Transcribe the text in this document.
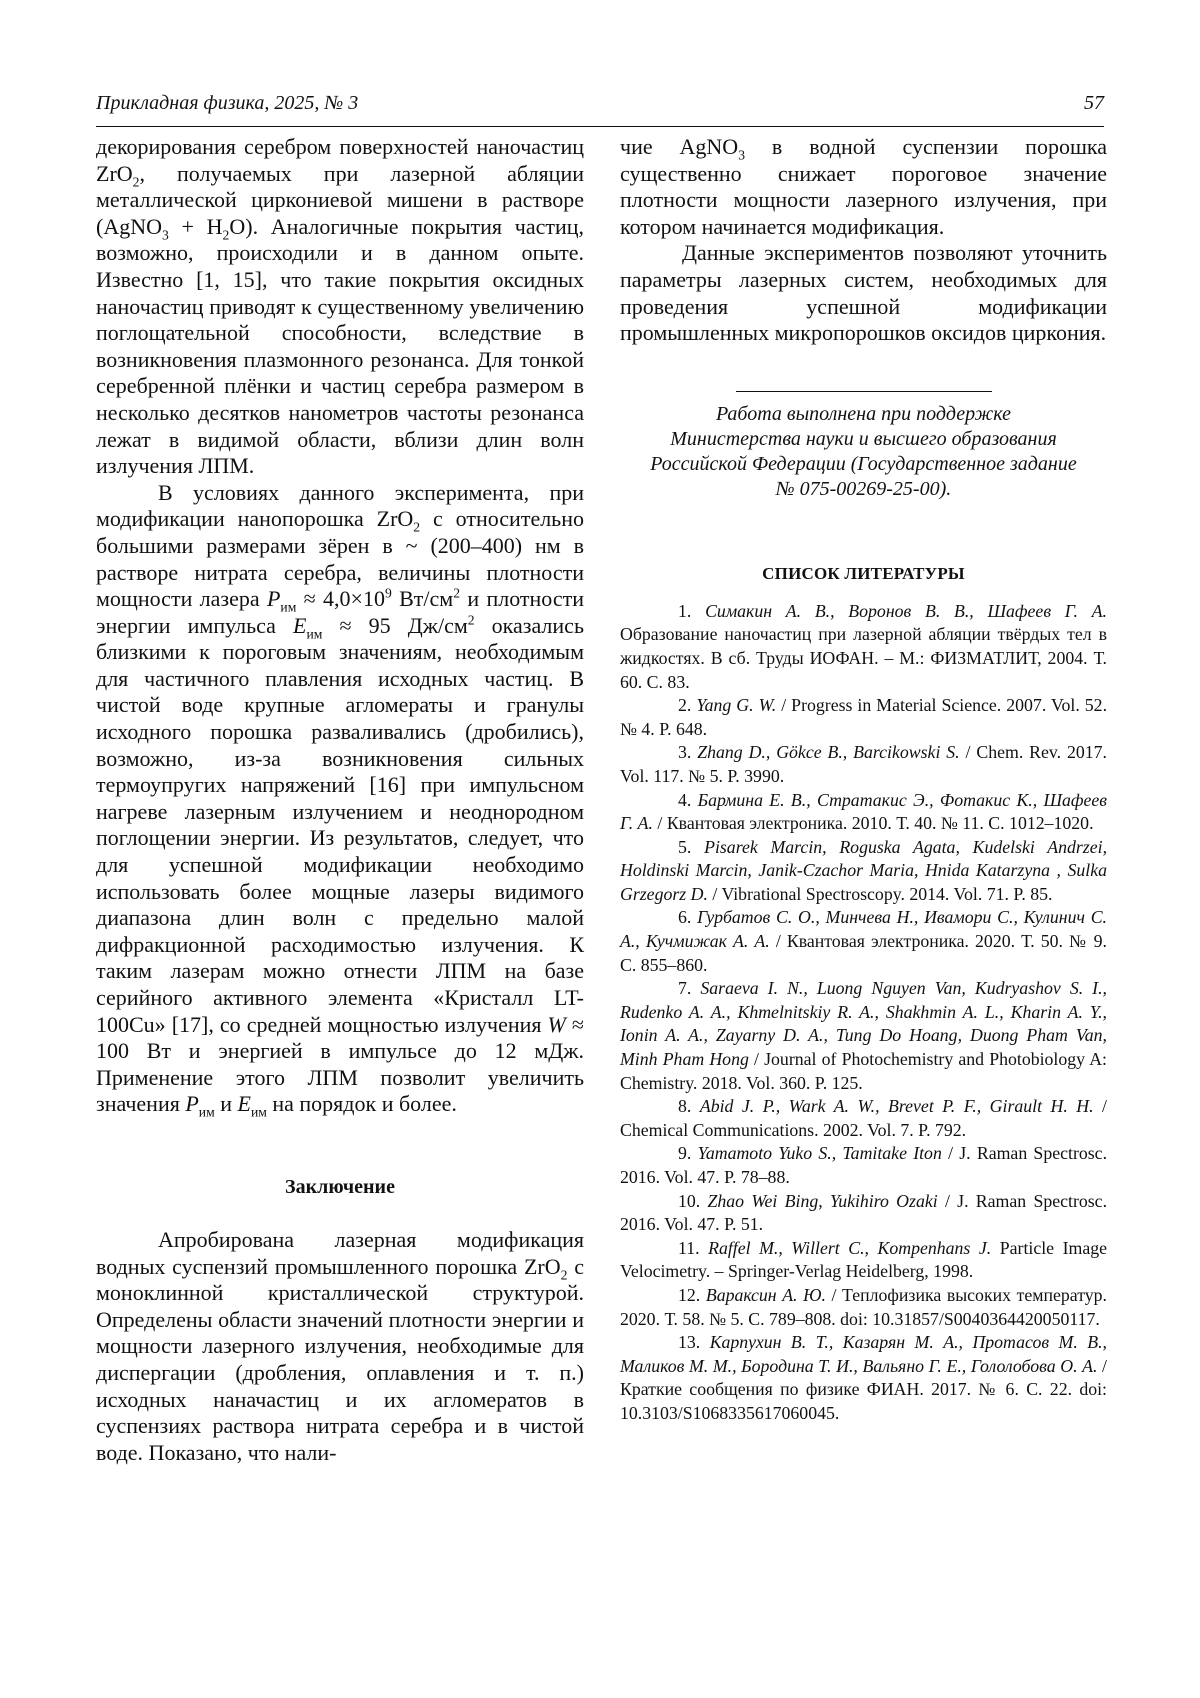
Прикладная физика, 2025, № 3	57

декорирования серебром поверхностей наночастиц ZrO$_2$, получаемых при лазерной абляции металлической циркониевой мишени в растворе (AgNO$_3$ + $H_2O$). Аналогичные покрытия частиц, возможно, происходили и в данном опыте. Известно [1, 15], что такие покрытия оксидных наночастиц приводят к существенному увеличению поглощательной способности, вследствие в возникновения плазмонного резонанса. Для тонкой серебренной плёнки и частиц серебра размером в несколько десятков нанометров частоты резонанса лежат в видимой области, вблизи длин волн излучения ЛПМ.

В условиях данного эксперимента, при модификации нанопорошка ZrO$_2$ с относительно большими размерами зёрен в ~ (200–400) нм в растворе нитрата серебра, величины плотности мощности лазера $P_{им} \approx 4,0\times 10^9$ $Вт/см^2$ и плотности энергии импульса $E_{им} \approx 95$ $Дж/см^2$ оказались близкими к пороговым значениям, необходимым для частичного плавления исходных частиц. В чистой воде крупные агломераты и гранулы исходного порошка разваливались (дробились), возможно, из-за возникновения сильных термоупругих напряжений [16] при импульсном нагреве лазерным излучением и неоднородном поглощении энергии. Из результатов, следует, что для успешной модификации необходимо использовать более мощные лазеры видимого диапазона длин волн с предельно малой дифракционной расходимостью излучения. К таким лазерам можно отнести ЛПМ на базе серийного активного элемента «Кристалл LT-100Cu» [17], со средней мощностью излучения W ≈ 100 Вт и энергией в импульсе до 12 мДж. Применение этого ЛПМ позволит увеличить значения $P_{им}$ и $E_{им}$ на порядок и более.

Заключение

Апробирована лазерная модификация водных суспензий промышленного порошка ZrO$_2$ с моноклинной кристаллической структурой. Определены области значений плотности энергии и мощности лазерного излучения, необходимые для диспергации (дробления, оплавления и т. п.) исходных наначастиц и их агломератов в суспензиях раствора нитрата серебра и в чистой воде. Показано, что нали-

чие AgNO$_3$ в водной суспензии порошка существенно снижает пороговое значение плотности мощности лазерного излучения, при котором начинается модификация.

Данные экспериментов позволяют уточнить параметры лазерных систем, необходимых для проведения успешной модификации промышленных микропорошков оксидов циркония.

Работа выполнена при поддержке

Министерства науки и высшего образования

Российской Федерации (Государственное задание

№ 075-00269-25-00).

СПИСОК ЛИТЕРАТУРЫ

1. Симакин А. В., Воронов В. В., Шафеев Г. А. Образование наночастиц при лазерной абляции твёрдых тел в жидкостях. В сб. Труды ИОФАН. – М.: ФИЗМАТЛИТ, 2004. Т. 60. С. 83.

2. Yang G. W. / Progress in Material Science. 2007. Vol. 52. № 4. P. 648.

3. Zhang D., Gökce B., Barcikowski S. / Chem. Rev. 2017. Vol. 117. № 5. P. 3990.

4. Бармина Е. В., Стратакис Э., Фотакис К., Шафеев Г. А. / Квантовая электроника. 2010. Т. 40. № 11. С. 1012–1020.

5. Pisarek Marcin, Roguska Agata, Kudelski Andrzei, Holdinski Marcin, Janik-Czachor Maria, Hnida Katarzyna , Sulka Grzegorz D. / Vibrational Spectroscopy. 2014. Vol. 71. P. 85.

6. Гурбатов С. О., Минчева Н., Ивамори С., Кулинич С. А., Кучмижак А. А. / Квантовая электроника. 2020. Т. 50. № 9. С. 855–860.

7. Saraeva I. N., Luong Nguyen Van, Kudryashov S. I., Rudenko A. A., Khmelnitskiy R. A., Shakhmin A. L., Kharin A. Y., Ionin A. A., Zayarny D. A., Tung Do Hoang, Duong Pham Van, Minh Pham Hong / Journal of Photochemistry and Photobiology A: Chemistry. 2018. Vol. 360. P. 125.

8. Abid J. P., Wark A. W., Brevet P. F., Girault H. H. / Chemical Communications. 2002. Vol. 7. P. 792.

9. Yamamoto Yuko S., Tamitake Iton / J. Raman Spectrosc. 2016. Vol. 47. P. 78–88.

10. Zhao Wei Bing, Yukihiro Ozaki / J. Raman Spectrosc. 2016. Vol. 47. P. 51.

11. Raffel M., Willert C., Kompenhans J. Particle Image Velocimetry. – Springer-Verlag Heidelberg, 1998.

12. Вараксин А. Ю. / Теплофизика высоких температур. 2020. Т. 58. № 5. С. 789–808. doi: 10.31857/S0040364420050117.

13. Карпухин В. Т., Казарян М. А., Протасов М. В., Маликов М. М., Бородина Т. И., Вальяно Г. Е., Гололобова О. А. / Краткие сообщения по физике ФИАН. 2017. № 6. С. 22. doi: 10.3103/S1068335617060045.
